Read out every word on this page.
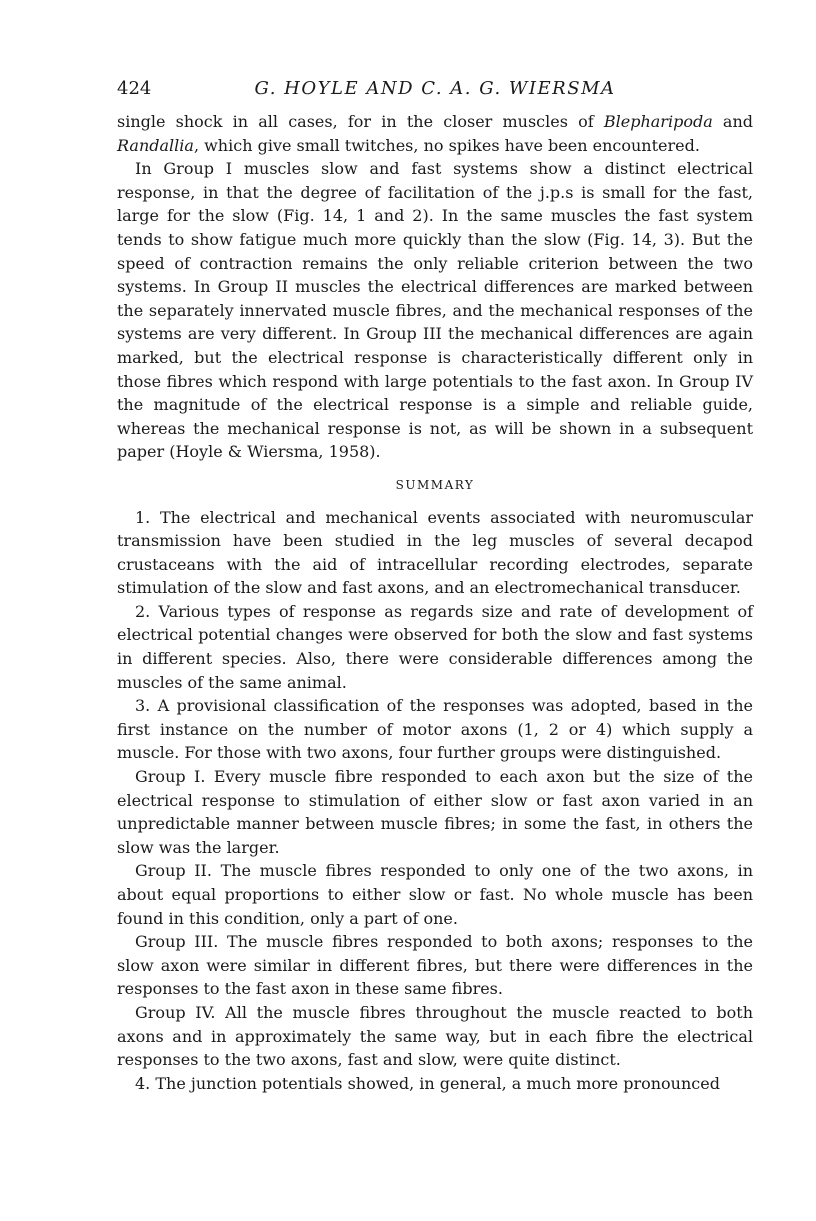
424	G. HOYLE AND C. A. G. WIERSMA

single shock in all cases, for in the closer muscles of Blepharipoda and Randallia, which give small twitches, no spikes have been encountered.

In Group I muscles slow and fast systems show a distinct electrical response, in that the degree of facilitation of the j.p.s is small for the fast, large for the slow (Fig. 14, 1 and 2). In the same muscles the fast system tends to show fatigue much more quickly than the slow (Fig. 14, 3). But the speed of contraction remains the only reliable criterion between the two systems. In Group II muscles the electrical differences are marked between the separately innervated muscle fibres, and the mechanical responses of the systems are very different. In Group III the mechanical differences are again marked, but the electrical response is characteristically different only in those fibres which respond with large potentials to the fast axon. In Group IV the magnitude of the electrical response is a simple and reliable guide, whereas the mechanical response is not, as will be shown in a subsequent paper (Hoyle & Wiersma, 1958).

SUMMARY

1. The electrical and mechanical events associated with neuromuscular transmission have been studied in the leg muscles of several decapod crustaceans with the aid of intracellular recording electrodes, separate stimulation of the slow and fast axons, and an electromechanical transducer.

2. Various types of response as regards size and rate of development of electrical potential changes were observed for both the slow and fast systems in different species. Also, there were considerable differences among the muscles of the same animal.

3. A provisional classification of the responses was adopted, based in the first instance on the number of motor axons (1, 2 or 4) which supply a muscle. For those with two axons, four further groups were distinguished.

Group I. Every muscle fibre responded to each axon but the size of the electrical response to stimulation of either slow or fast axon varied in an unpredictable manner between muscle fibres; in some the fast, in others the slow was the larger.

Group II. The muscle fibres responded to only one of the two axons, in about equal proportions to either slow or fast. No whole muscle has been found in this condition, only a part of one.

Group III. The muscle fibres responded to both axons; responses to the slow axon were similar in different fibres, but there were differences in the responses to the fast axon in these same fibres.

Group IV. All the muscle fibres throughout the muscle reacted to both axons and in approximately the same way, but in each fibre the electrical responses to the two axons, fast and slow, were quite distinct.

4. The junction potentials showed, in general, a much more pronounced
